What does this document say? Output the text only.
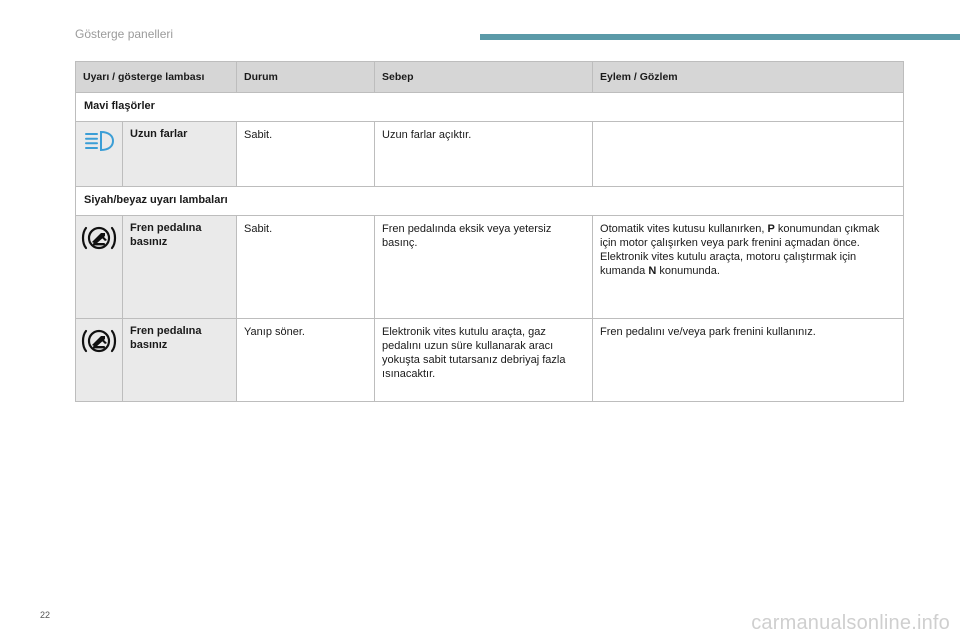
Gösterge panelleri
Uyarı / gösterge lambası		Durum	Sebep	Eylem / Gözlem
Mavi flaşörler				

	Uzun farlar	Sabit.	Uzun farlar açıktır.	
Siyah/beyaz uyarı lambaları				

	Fren pedalına basınız	Sabit.	Fren pedalında eksik veya yetersiz basınç.	Otomatik vites kutusu kullanırken, P konumundan çıkmak için motor çalışırken veya park frenini açmadan önce.
Elektronik vites kutulu araçta, motoru çalıştırmak için kumanda N konumunda.

	Fren pedalına basınız	Yanıp söner.	Elektronik vites kutulu araçta, gaz pedalını uzun süre kullanarak aracı yokuşta sabit tutarsanız debriyaj fazla ısınacaktır.	Fren pedalını ve/veya park frenini kullanınız.
22	carmanualsonline.info
